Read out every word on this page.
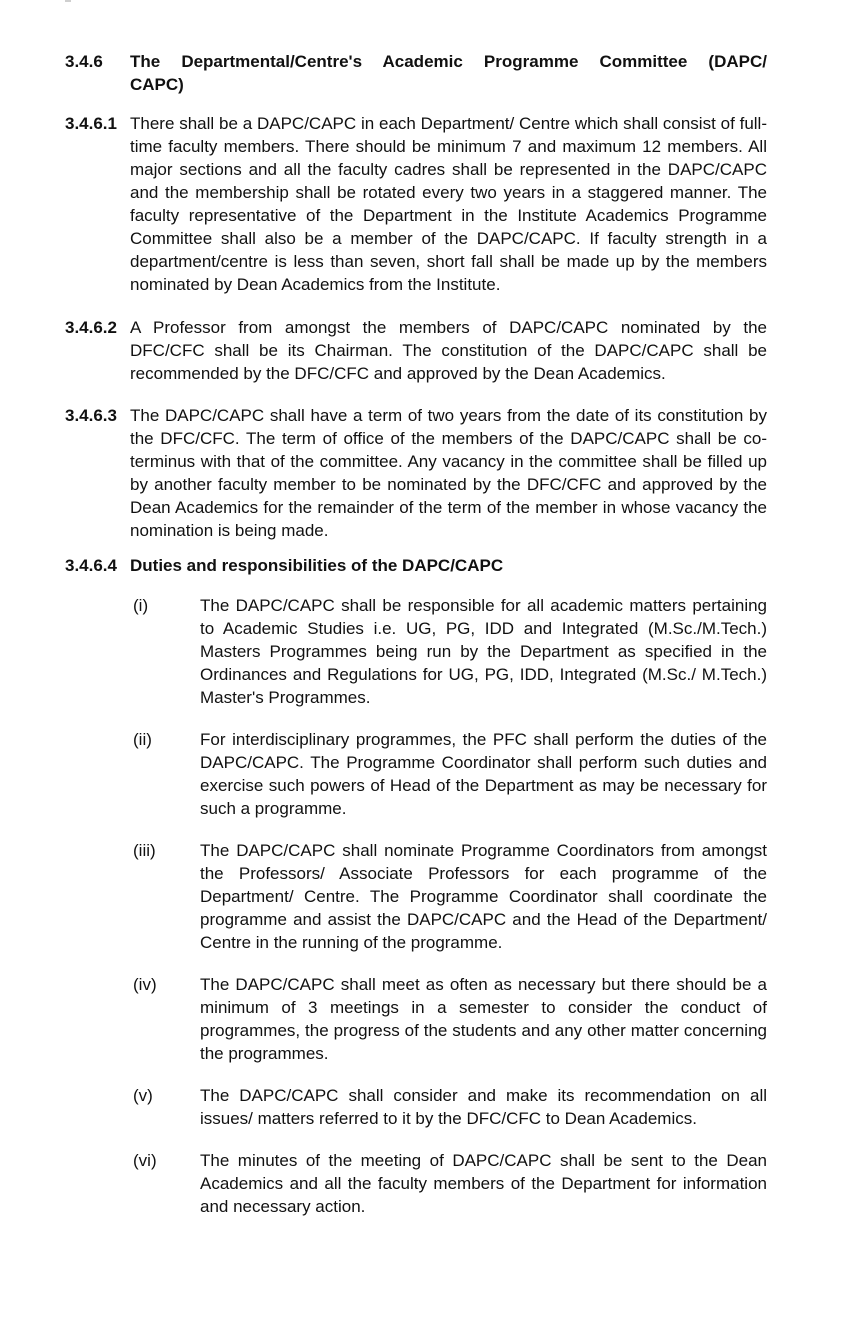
3.4.6	The Departmental/Centre's Academic Programme Committee (DAPC/
CAPC)
3.4.6.1 There shall be a DAPC/CAPC in each Department/ Centre which shall consist of full-time faculty members. There should be minimum 7 and maximum 12 members. All major sections and all the faculty cadres shall be represented in the DAPC/CAPC and the membership shall be rotated every two years in a staggered manner. The faculty representative of the Department in the Institute Academics Programme Committee shall also be a member of the DAPC/CAPC. If faculty strength in a department/centre is less than seven, short fall shall be made up by the members nominated by Dean Academics from the Institute.
3.4.6.2 A Professor from amongst the members of DAPC/CAPC nominated by the DFC/CFC shall be its Chairman. The constitution of the DAPC/CAPC shall be recommended by the DFC/CFC and approved by the Dean Academics.
3.4.6.3 The DAPC/CAPC shall have a term of two years from the date of its constitution by the DFC/CFC. The term of office of the members of the DAPC/CAPC shall be co-terminus with that of the committee. Any vacancy in the committee shall be filled up by another faculty member to be nominated by the DFC/CFC and approved by the Dean Academics for the remainder of the term of the member in whose vacancy the nomination is being made.
3.4.6.4 Duties and responsibilities of the DAPC/CAPC
(i)	The DAPC/CAPC shall be responsible for all academic matters pertaining to Academic Studies i.e. UG, PG, IDD and Integrated (M.Sc./M.Tech.) Masters Programmes being run by the Department as specified in the Ordinances and Regulations for UG, PG, IDD, Integrated (M.Sc./ M.Tech.) Master's Programmes.
(ii)	For interdisciplinary programmes, the PFC shall perform the duties of the DAPC/CAPC. The Programme Coordinator shall perform such duties and exercise such powers of Head of the Department as may be necessary for such a programme.
(iii)	The DAPC/CAPC shall nominate Programme Coordinators from amongst the Professors/ Associate Professors for each programme of the Department/ Centre. The Programme Coordinator shall coordinate the programme and assist the DAPC/CAPC and the Head of the Department/ Centre in the running of the programme.
(iv)	The DAPC/CAPC shall meet as often as necessary but there should be a minimum of 3 meetings in a semester to consider the conduct of programmes, the progress of the students and any other matter concerning the programmes.
(v)	The DAPC/CAPC shall consider and make its recommendation on all issues/ matters referred to it by the DFC/CFC to Dean Academics.
(vi)	The minutes of the meeting of DAPC/CAPC shall be sent to the Dean Academics and all the faculty members of the Department for information and necessary action.
